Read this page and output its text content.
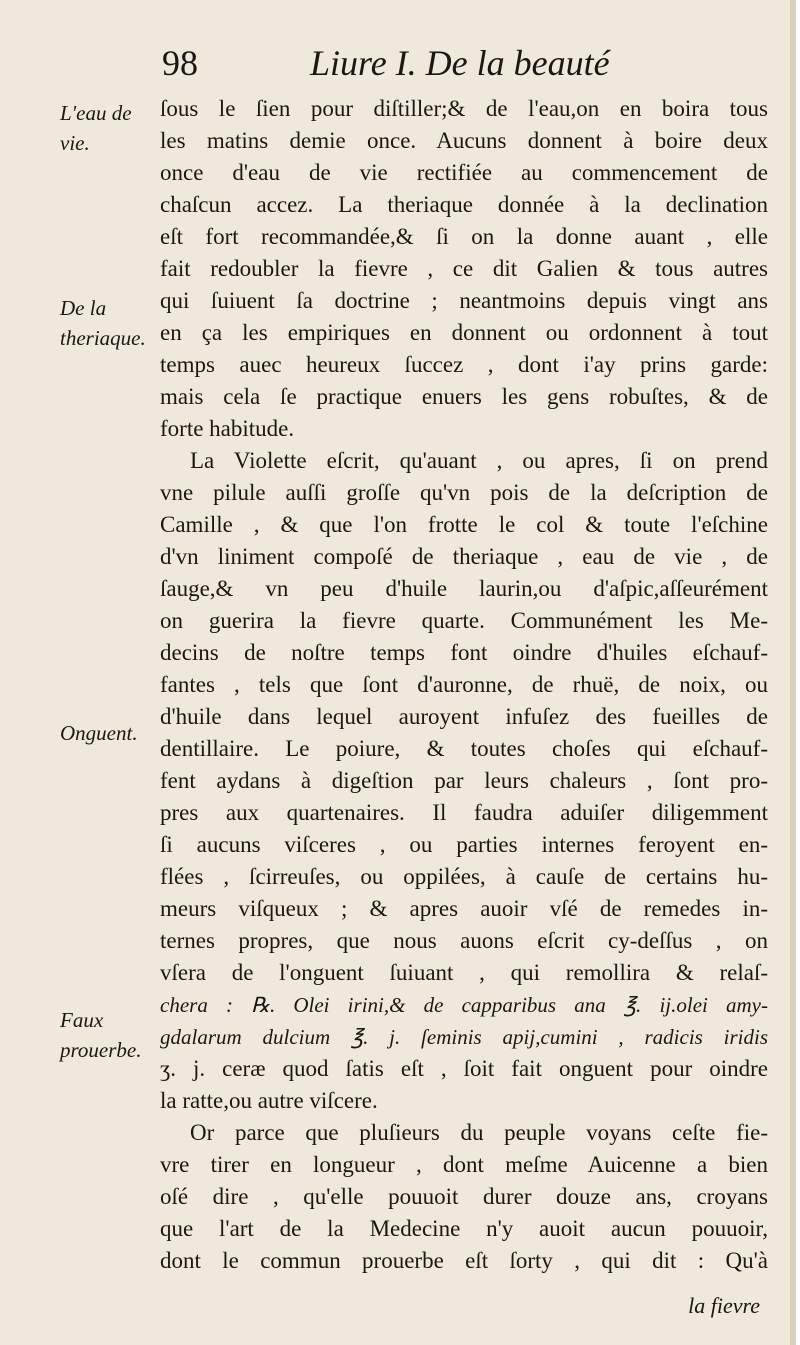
98	Liure I. De la beauté
L'eau de vie.
De la theriaque.
Onguent.
Faux prouerbe.
ſous le ſien pour diſtiller;& de l'eau,on en boira tous
les matins demie once. Aucuns donnent à boire deux
once d'eau de vie rectifiée au commencement de
chaſcun accez. La theriaque donnée à la declination
eſt fort recommandée,& ſi on la donne auant , elle
fait redoubler la fievre , ce dit Galien & tous autres
qui ſuiuent ſa doctrine ; neantmoins depuis vingt ans
en ça les empiriques en donnent ou ordonnent à tout
temps auec heureux ſuccez , dont i'ay prins garde:
mais cela ſe practique enuers les gens robuſtes, & de
forte habitude.
La Violette eſcrit, qu'auant , ou apres, ſi on prend
vne pilule auſſi groſſe qu'vn pois de la deſcription de
Camille , & que l'on frotte le col & toute l'eſchine
d'vn liniment compoſé de theriaque , eau de vie , de
ſauge,& vn peu d'huile laurin,ou d'aſpic,aſſeurément
on guerira la fievre quarte. Communément les Me-
decins de noſtre temps font oindre d'huiles eſchauf-
fantes , tels que ſont d'auronne, de rhuë, de noix, ou
d'huile dans lequel auroyent infuſez des fueilles de
dentillaire. Le poiure, & toutes choſes qui eſchauf-
fent aydans à digeſtion par leurs chaleurs , ſont pro-
pres aux quartenaires. Il faudra aduiſer diligemment
ſi aucuns viſceres , ou parties internes feroyent en-
flées , ſcirreuſes, ou oppilées, à cauſe de certains hu-
meurs viſqueux ; & apres auoir vſé de remedes in-
ternes propres, que nous auons eſcrit cy-deſſus , on
vſera de l'onguent ſuiuant , qui remollira & relaſ-
chera : ℞. Olei irini,& de capparibus ana ℥. ij.olei amy-
gdalarum dulcium ℥. j. ſeminis apij,cumini , radicis iridis
ʒ. j. ceræ quod ſatis eſt , ſoit fait onguent pour oindre
la ratte,ou autre viſcere.
Or parce que pluſieurs du peuple voyans ceſte fie-
vre tirer en longueur , dont meſme Auicenne a bien
oſé dire , qu'elle pouuoit durer douze ans, croyans
que l'art de la Medecine n'y auoit aucun pouuoir,
dont le commun prouerbe eſt ſorty , qui dit : Qu'à
la fievre
